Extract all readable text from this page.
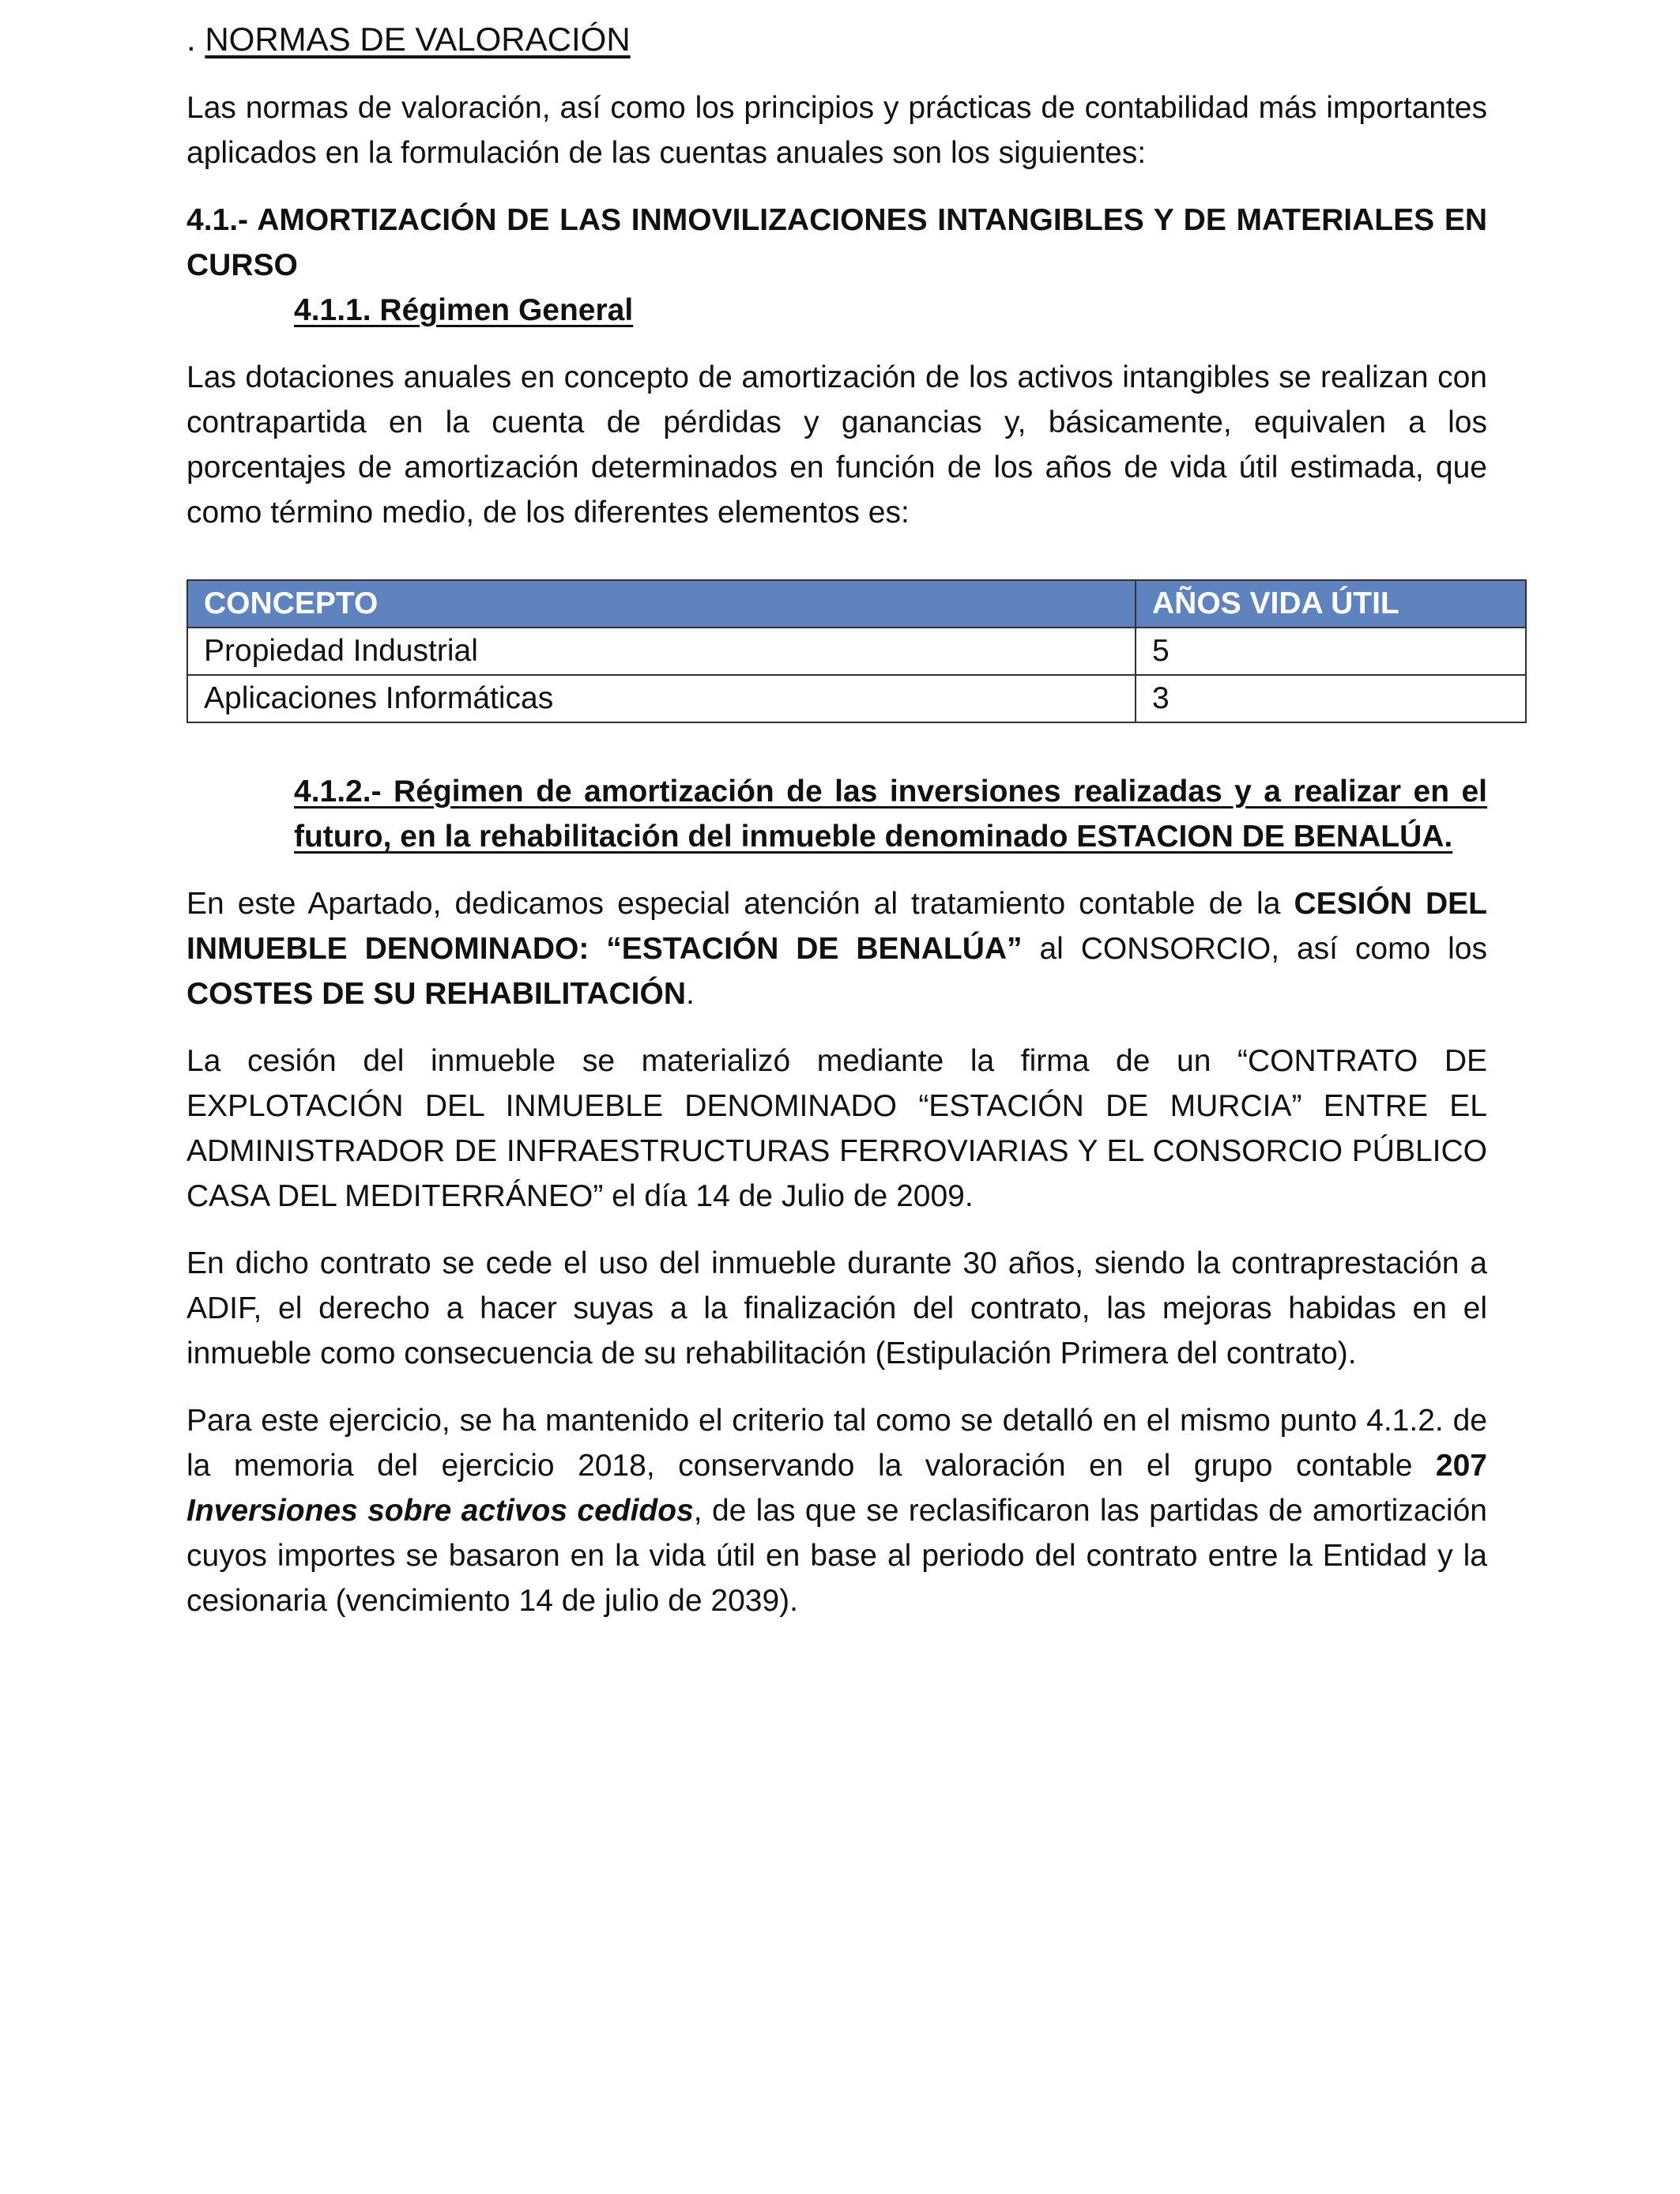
. NORMAS DE VALORACIÓN

Las normas de valoración, así como los principios y prácticas de contabilidad más importantes aplicados en la formulación de las cuentas anuales son los siguientes:

4.1.- AMORTIZACIÓN DE LAS INMOVILIZACIONES INTANGIBLES Y DE MATERIALES EN CURSO

4.1.1. Régimen General

Las dotaciones anuales en concepto de amortización de los activos intangibles se realizan con contrapartida en la cuenta de pérdidas y ganancias y, básicamente, equivalen a los porcentajes de amortización determinados en función de los años de vida útil estimada, que como término medio, de los diferentes elementos es:

CONCEPTO	AÑOS VIDA ÚTIL
Propiedad Industrial	5
Aplicaciones Informáticas	3

4.1.2.- Régimen de amortización de las inversiones realizadas y a realizar en el futuro, en la rehabilitación del inmueble denominado ESTACION DE BENALÚA.

En este Apartado, dedicamos especial atención al tratamiento contable de la CESIÓN DEL INMUEBLE DENOMINADO: “ESTACIÓN DE BENALÚA” al CONSORCIO, así como los COSTES DE SU REHABILITACIÓN.

La cesión del inmueble se materializó mediante la firma de un “CONTRATO DE EXPLOTACIÓN DEL INMUEBLE DENOMINADO “ESTACIÓN DE MURCIA” ENTRE EL ADMINISTRADOR DE INFRAESTRUCTURAS FERROVIARIAS Y EL CONSORCIO PÚBLICO CASA DEL MEDITERRÁNEO” el día 14 de Julio de 2009.

En dicho contrato se cede el uso del inmueble durante 30 años, siendo la contraprestación a ADIF, el derecho a hacer suyas a la finalización del contrato, las mejoras habidas en el inmueble como consecuencia de su rehabilitación (Estipulación Primera del contrato).

Para este ejercicio, se ha mantenido el criterio tal como se detalló en el mismo punto 4.1.2. de la memoria del ejercicio 2018, conservando la valoración en el grupo contable 207 Inversiones sobre activos cedidos, de las que se reclasificaron las partidas de amortización cuyos importes se basaron en la vida útil en base al periodo del contrato entre la Entidad y la cesionaria (vencimiento 14 de julio de 2039).
